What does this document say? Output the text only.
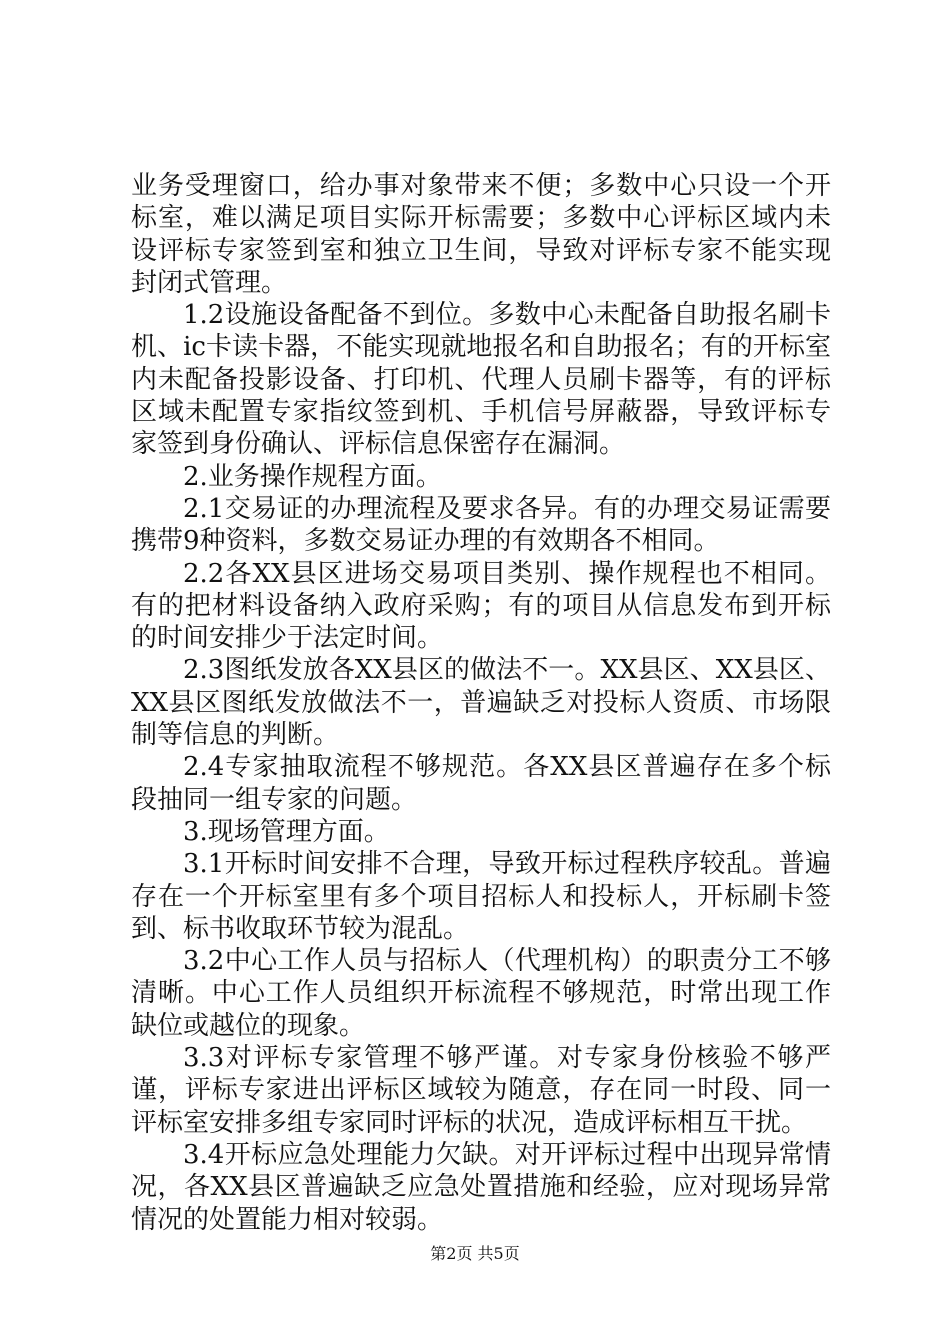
业务受理窗口，给办事对象带来不便；多数中心只设一个开标室，难以满足项目实际开标需要；多数中心评标区域内未设评标专家签到室和独立卫生间，导致对评标专家不能实现封闭式管理。

1.2设施设备配备不到位。多数中心未配备自助报名刷卡机、ic卡读卡器，不能实现就地报名和自助报名；有的开标室内未配备投影设备、打印机、代理人员刷卡器等，有的评标区域未配置专家指纹签到机、手机信号屏蔽器，导致评标专家签到身份确认、评标信息保密存在漏洞。

2.业务操作规程方面。

2.1交易证的办理流程及要求各异。有的办理交易证需要携带9种资料，多数交易证办理的有效期各不相同。

2.2各XX县区进场交易项目类别、操作规程也不相同。有的把材料设备纳入政府采购；有的项目从信息发布到开标的时间安排少于法定时间。

2.3图纸发放各XX县区的做法不一。XX县区、XX县区、XX县区图纸发放做法不一，普遍缺乏对投标人资质、市场限制等信息的判断。

2.4专家抽取流程不够规范。各XX县区普遍存在多个标段抽同一组专家的问题。

3.现场管理方面。

3.1开标时间安排不合理，导致开标过程秩序较乱。普遍存在一个开标室里有多个项目招标人和投标人，开标刷卡签到、标书收取环节较为混乱。

3.2中心工作人员与招标人（代理机构）的职责分工不够清晰。中心工作人员组织开标流程不够规范，时常出现工作缺位或越位的现象。

3.3对评标专家管理不够严谨。对专家身份核验不够严谨，评标专家进出评标区域较为随意，存在同一时段、同一评标室安排多组专家同时评标的状况，造成评标相互干扰。

3.4开标应急处理能力欠缺。对开评标过程中出现异常情况，各XX县区普遍缺乏应急处置措施和经验，应对现场异常情况的处置能力相对较弱。

第2页 共5页
